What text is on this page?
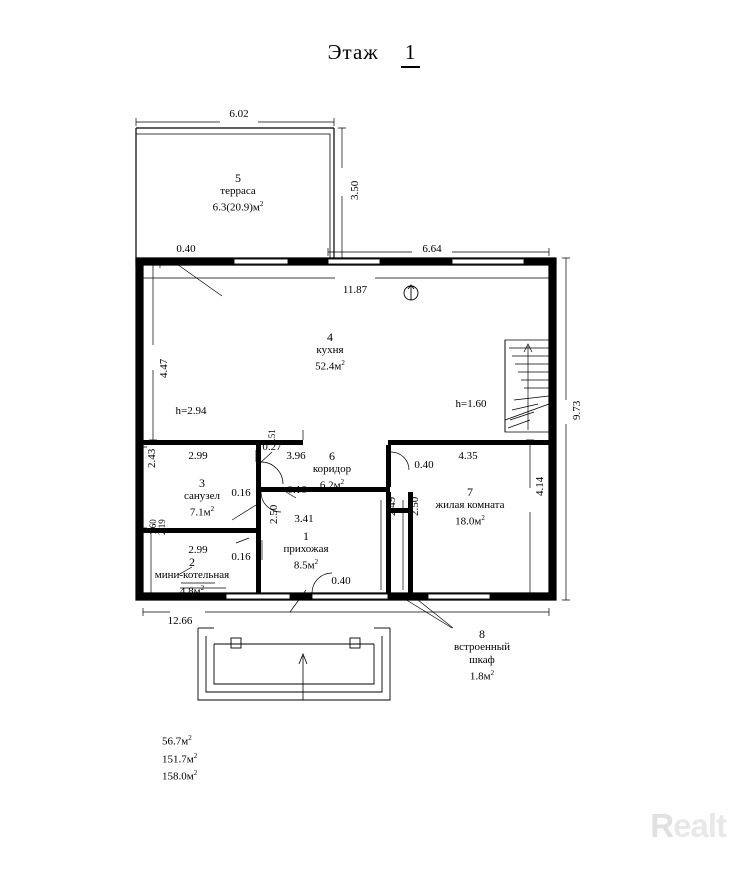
Этаж 1
5
терраса
$6.3(20.9)м^2$
4
кухня
$52.4м^2$
3
санузел
$7.1м^2$
6
коридор
$6.2м^2$
7
жилая комната
$18.0м^2$
2
мини-котельная
$4.8м^2$
1
прихожая
$8.5м^2$
8
встроенный
шкаф
$1.8м^2$
6.02
3.50
0.40	6.64
11.87
4.47
9.73
h=2.94
h=1.60
0.27
2.99
1.51
3.96
0.40
4.35
2.43
4.14
0.16	0.16
3.41
2.49 2.50
1.60 2.19
2.99
0.16
2.50
0.40
12.66
$56.7м^2$
$151.7м^2$
$158.0м^2$
Realt
